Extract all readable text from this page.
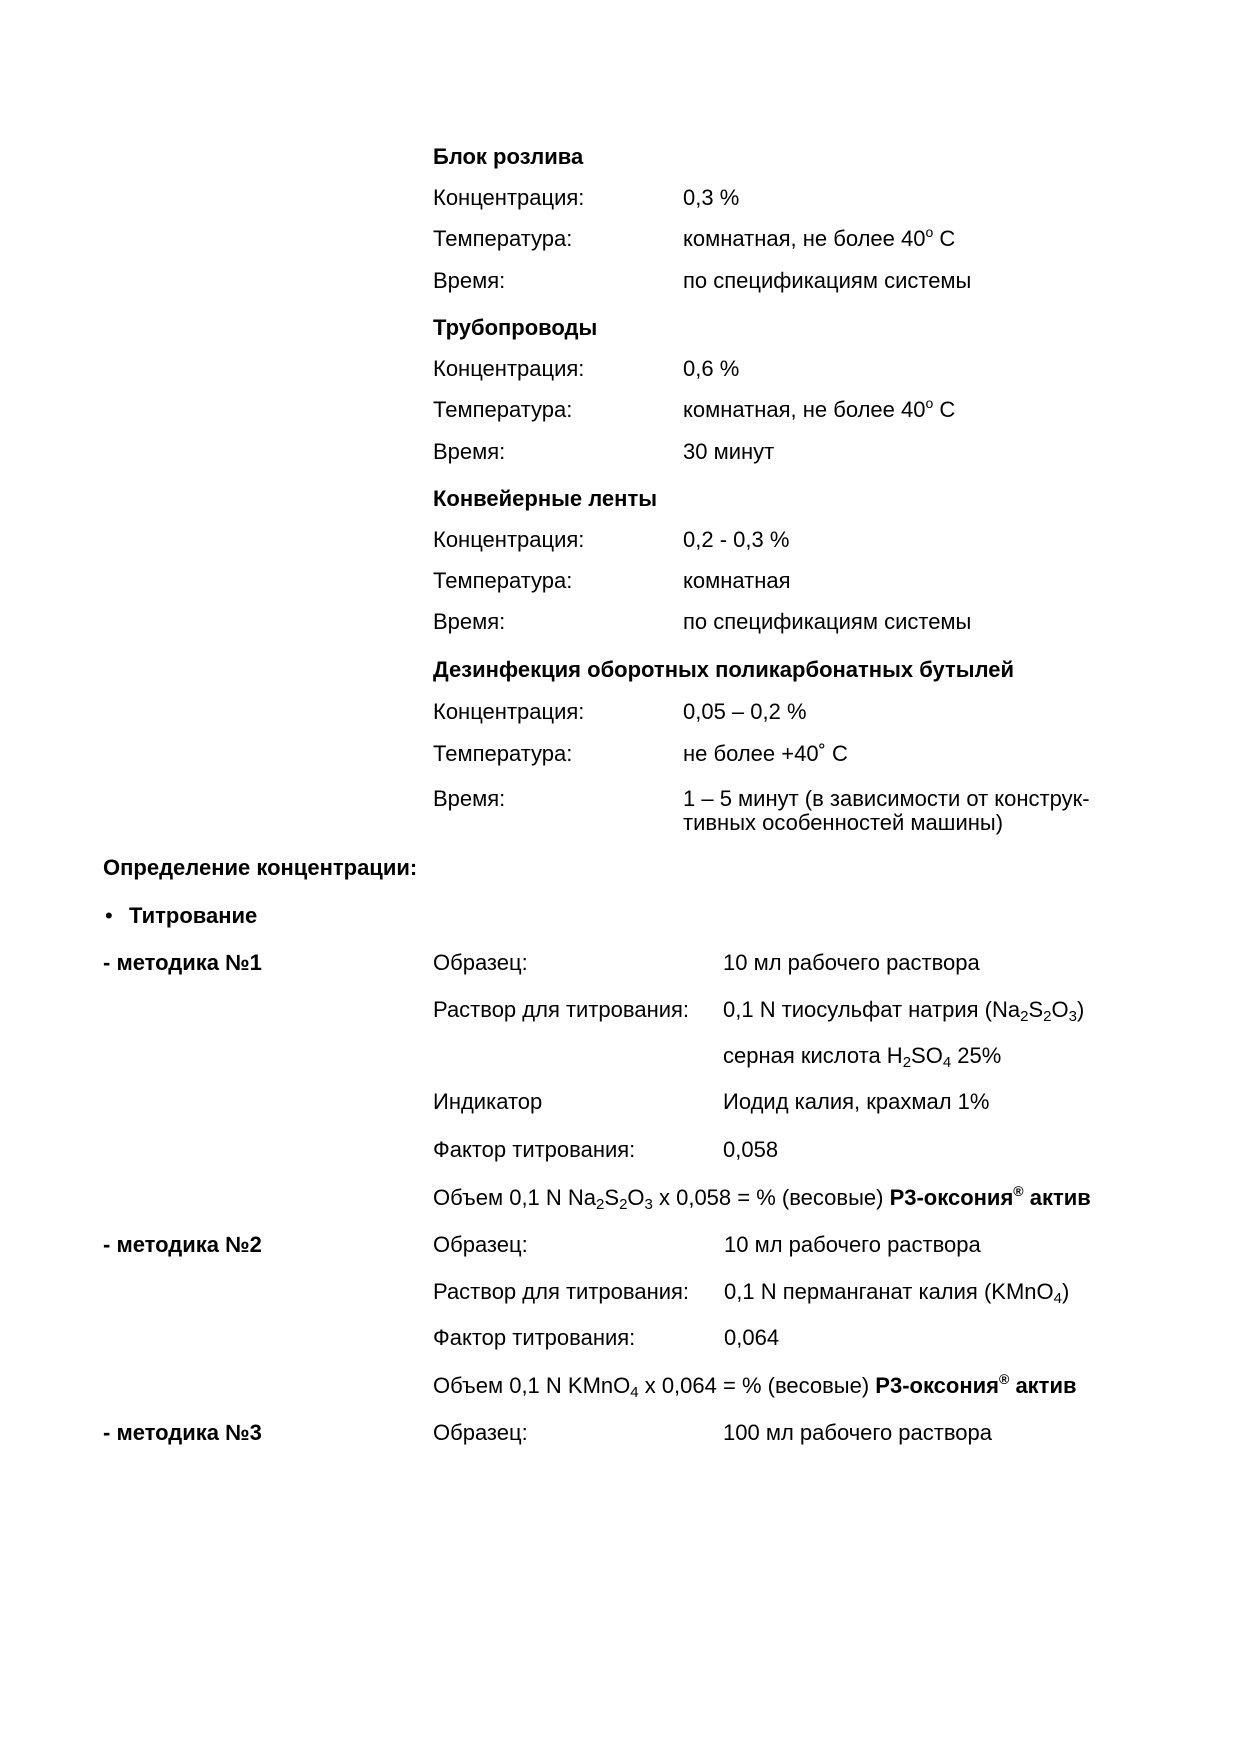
Блок розлива
Концентрация:	0,3 %
Температура:	комнатная, не более 40$^o$ C
Время:	по спецификациям системы
Трубопроводы
Концентрация:	0,6 %
Температура:	комнатная, не более 40$^o$ C
Время:	30 минут
Конвейерные ленты
Концентрация:	0,2 - 0,3 %
Температура:	комнатная
Время:	по спецификациям системы
Дезинфекция оборотных поликарбонатных бутылей
Концентрация:	0,05 – 0,2 %
Температура:	не более +40˚ C
Время:	1 – 5 минут (в зависимости от конструк-
тивных особенностей машины)
Определение концентрации:
• Титрование
- методика №1	Образец:	10 мл рабочего раствора
Раствор для титрования: 0,1 N тиосульфат натрия $(Na_2S_2O_3)$
серная кислота $H_2SO_4$ 25%
Индикатор	Иодид калия, крахмал 1%
Фактор титрования:	0,058
Объем 0,1 N $Na_2S_2O_3$ x 0,058 = % (весовые) Р3-оксония® актив
- методика №2	Образец:	10 мл рабочего раствора
Раствор для титрования: 0,1 N перманганат калия (KMnO$_4$)
Фактор титрования:	0,064
Объем 0,1 N KMnO$_4$ x 0,064 = % (весовые) Р3-оксония® актив
- методика №3	Образец:	100 мл рабочего раствора
